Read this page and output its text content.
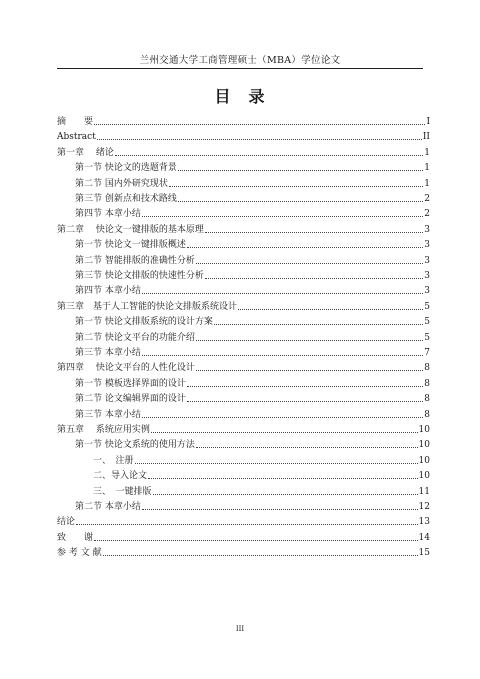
兰州交通大学工商管理硕士（MBA）学位论文
目　录
摘　　要	I
Abstract	II
第一章　 绪论	1
第一节 快论文的选题背景	1
第二节 国内外研究现状	1
第三节 创新点和技术路线	2
第四节 本章小结	2
第二章　 快论文一键排版的基本原理	3
第一节 快论文一键排版概述	3
第二节 智能排版的准确性分析	3
第三节 快论文排版的快速性分析	3
第四节 本章小结	3
第三章　基于人工智能的快论文排版系统设计	5
第一节 快论文排版系统的设计方案	5
第二节 快论文平台的功能介绍	5
第三节 本章小结	7
第四章　 快论文平台的人性化设计	8
第一节 模板选择界面的设计	8
第二节 论文编辑界面的设计	8
第三节 本章小结	8
第五章　 系统应用实例	10
第一节 快论文系统的使用方法	10
一、　注册	10
二、导入论文	10
三、　一键排版	11
第二节 本章小结	12
结论	13
致　　谢	14
参 考 文 献	15
III
